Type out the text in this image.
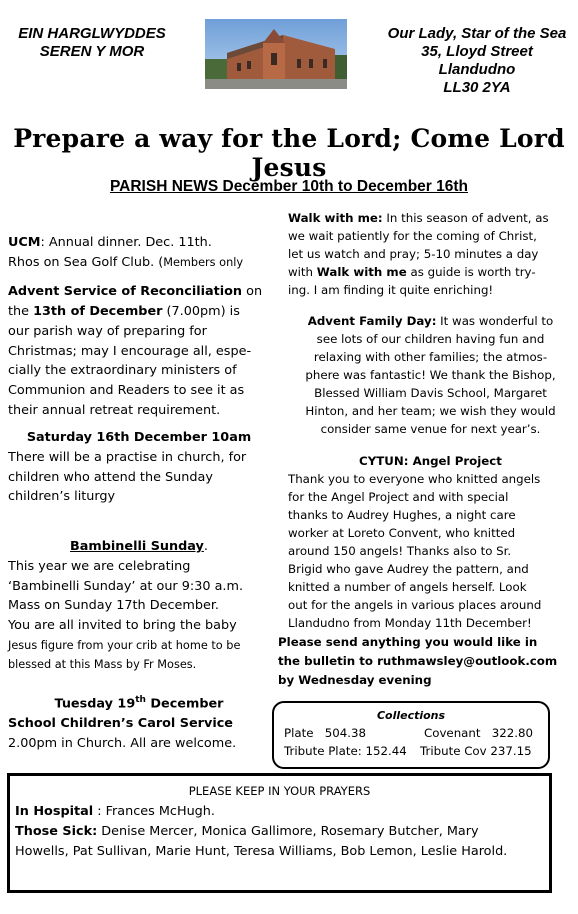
EIN HARGLWYDDES
SEREN Y MOR
Our Lady, Star of the Sea
35, Lloyd Street
Llandudno
LL30 2YA
Prepare a way for the Lord; Come Lord Jesus
PARISH NEWS December 10th to December 16th

UCM: Annual dinner. Dec. 11th.

Rhos on Sea Golf Club. (Members only

Advent Service of Reconciliation on

the 13th of December (7.00pm) is

our parish way of preparing for

Christmas; may I encourage all, espe-

cially the extraordinary ministers of

Communion and Readers to see it as

their annual retreat requirement.

Saturday 16th December 10am

There will be a practise in church, for

children who attend the Sunday

children’s liturgy

Bambinelli Sunday.

This year we are celebrating

‘Bambinelli Sunday’ at our 9:30 a.m.

Mass on Sunday 17th December.

You are all invited to bring the baby

Jesus figure from your crib at home to be

blessed at this Mass by Fr Moses.

Tuesday 19th December

School Children’s Carol Service

2.00pm in Church. All are welcome.

Walk with me: In this season of advent, as

we wait patiently for the coming of Christ,

let us watch and pray; 5-10 minutes a day

with Walk with me as guide is worth try-

ing. I am finding it quite enriching!

Advent Family Day: It was wonderful to

see lots of our children having fun and

relaxing with other families; the atmos-

phere was fantastic! We thank the Bishop,

Blessed William Davis School, Margaret

Hinton, and her team; we wish they would

consider same venue for next year’s.

CYTUN: Angel Project

Thank you to everyone who knitted angels

for the Angel Project and with special

thanks to Audrey Hughes, a night care

worker at Loreto Convent, who knitted

around 150 angels! Thanks also to Sr.

Brigid who gave Audrey the pattern, and

knitted a number of angels herself. Look

out for the angels in various places around

Llandudno from Monday 11th December!

Please send anything you would like in
the bulletin to ruthmawsley@outlook.com
by Wednesday evening
Collections
Plate 504.38	Covenant 322.80
Tribute Plate: 152.44 Tribute Cov 237.15
PLEASE KEEP IN YOUR PRAYERS
In Hospital : Frances McHugh.
Those Sick: Denise Mercer, Monica Gallimore, Rosemary Butcher, Mary
Howells, Pat Sullivan, Marie Hunt, Teresa Williams, Bob Lemon, Leslie Harold.
